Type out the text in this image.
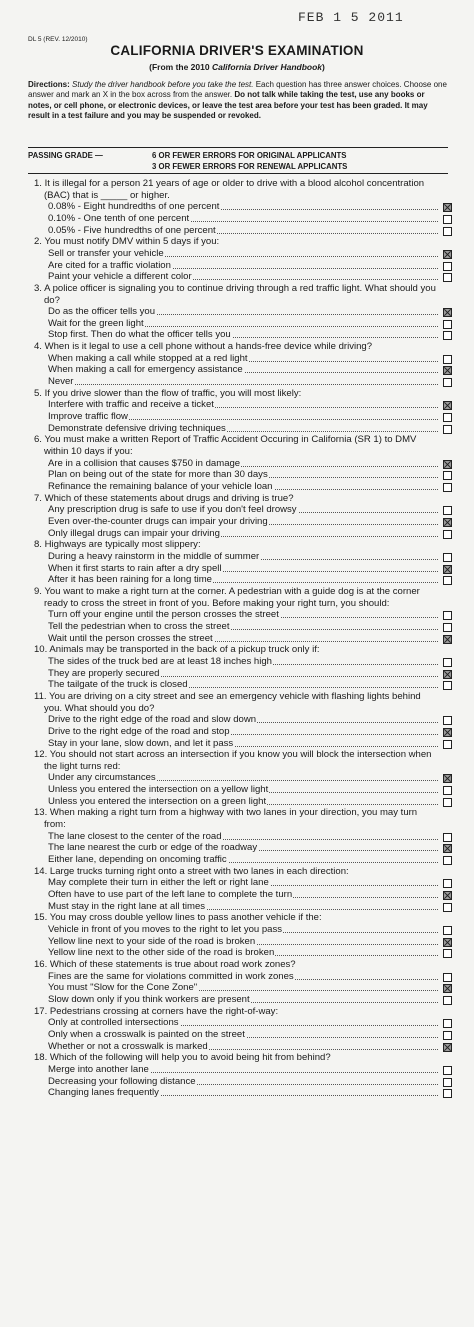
FEB 1 5 2011
DL 5 (REV. 12/2010)
CALIFORNIA DRIVER'S EXAMINATION
(From the 2010 California Driver Handbook)
Directions: Study the driver handbook before you take the test. Each question has three answer choices. Choose one answer and mark an X in the box across from the answer. Do not talk while taking the test, use any books or notes, or cell phone, or electronic devices, or leave the test area before your test has been graded. It may result in a test failure and you may be suspended or revoked.
PASSING GRADE —	6 OR FEWER ERRORS FOR ORIGINAL APPLICANTS
3 OR FEWER ERRORS FOR RENEWAL APPLICANTS
1. It is illegal for a person 21 years of age or older to drive with a blood alcohol concentration (BAC) that is _____ or higher.
0.08% - Eight hundredths of one percent
0.10% - One tenth of one percent
0.05% - Five hundredths of one percent
2. You must notify DMV within 5 days if you:
Sell or transfer your vehicle
Are cited for a traffic violation
Paint your vehicle a different color
3. A police officer is signaling you to continue driving through a red traffic light. What should you do?
Do as the officer tells you
Wait for the green light
Stop first. Then do what the officer tells you
4. When is it legal to use a cell phone without a hands-free device while driving?
When making a call while stopped at a red light
When making a call for emergency assistance
Never
5. If you drive slower than the flow of traffic, you will most likely:
Interfere with traffic and receive a ticket
Improve traffic flow
Demonstrate defensive driving techniques
6. You must make a written Report of Traffic Accident Occuring in California (SR 1) to DMV within 10 days if you:
Are in a collision that causes $750 in damage
Plan on being out of the state for more than 30 days
Refinance the remaining balance of your vehicle loan
7. Which of these statements about drugs and driving is true?
Any prescription drug is safe to use if you don't feel drowsy
Even over-the-counter drugs can impair your driving
Only illegal drugs can impair your driving
8. Highways are typically most slippery:
During a heavy rainstorm in the middle of summer
When it first starts to rain after a dry spell
After it has been raining for a long time
9. You want to make a right turn at the corner. A pedestrian with a guide dog is at the corner ready to cross the street in front of you. Before making your right turn, you should:
Turn off your engine until the person crosses the street
Tell the pedestrian when to cross the street
Wait until the person crosses the street
10. Animals may be transported in the back of a pickup truck only if:
The sides of the truck bed are at least 18 inches high
They are properly secured
The tailgate of the truck is closed
11. You are driving on a city street and see an emergency vehicle with flashing lights behind you. What should you do?
Drive to the right edge of the road and slow down
Drive to the right edge of the road and stop
Stay in your lane, slow down, and let it pass
12. You should not start across an intersection if you know you will block the intersection when the light turns red:
Under any circumstances
Unless you entered the intersection on a yellow light
Unless you entered the intersection on a green light
13. When making a right turn from a highway with two lanes in your direction, you may turn from:
The lane closest to the center of the road
The lane nearest the curb or edge of the roadway
Either lane, depending on oncoming traffic
14. Large trucks turning right onto a street with two lanes in each direction:
May complete their turn in either the left or right lane
Often have to use part of the left lane to complete the turn
Must stay in the right lane at all times
15. You may cross double yellow lines to pass another vehicle if the:
Vehicle in front of you moves to the right to let you pass
Yellow line next to your side of the road is broken
Yellow line next to the other side of the road is broken
16. Which of these statements is true about road work zones?
Fines are the same for violations committed in work zones
You must "Slow for the Cone Zone"
Slow down only if you think workers are present
17. Pedestrians crossing at corners have the right-of-way:
Only at controlled intersections
Only when a crosswalk is painted on the street
Whether or not a crosswalk is marked
18. Which of the following will help you to avoid being hit from behind?
Merge into another lane
Decreasing your following distance
Changing lanes frequently
